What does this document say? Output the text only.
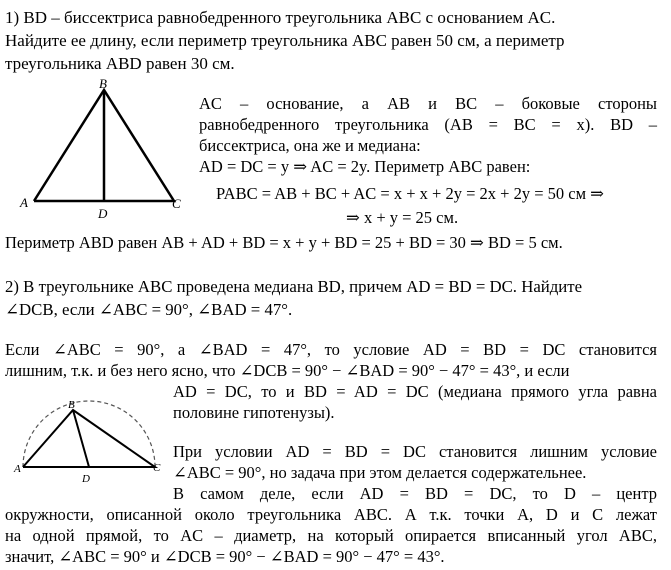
1) BD – биссектриса равнобедренного треугольника ABC с основанием AC.
Найдите ее длину, если периметр треугольника ABC равен 50 см, а периметр
треугольника ABD равен 30 см.
B
A	C
D
AC – основание, а AB и BC – боковые стороны
равнобедренного треугольника (AB = BC = x). BD –
биссектриса, она же и медиана:
AD = DC = y ⇒ AC = 2y. Периметр ABC равен:
PABC = AB + BC + AC = x + x + 2y = 2x + 2y = 50 см ⇒
⇒ x + y = 25 см.
Периметр ABD равен AB + AD + BD = x + y + BD = 25 + BD = 30 ⇒ BD = 5 см.
2) В треугольнике ABC проведена медиана BD, причем AD = BD = DC. Найдите
∠DCB, если ∠ABC = 90°, ∠BAD = 47°.
Если ∠ABC = 90°, а ∠BAD = 47°, то условие AD = BD = DC становится
лишним, т.к. и без него ясно, что ∠DCB = 90° − ∠BAD = 90° − 47° = 43°, и если
AD = DC, то и BD = AD = DC (медиана прямого угла равна
половине гипотенузы).
B
A	C
D
При условии AD = BD = DC становится лишним условие
∠ABC = 90°, но задача при этом делается содержательнее.
В самом деле, если AD = BD = DC, то D – центр
окружности, описанной около треугольника ABC. А т.к. точки A, D и C лежат
на одной прямой, то AC – диаметр, на который опирается вписанный угол ABC,
значит, ∠ABC = 90° и ∠DCB = 90° − ∠BAD = 90° − 47° = 43°.
